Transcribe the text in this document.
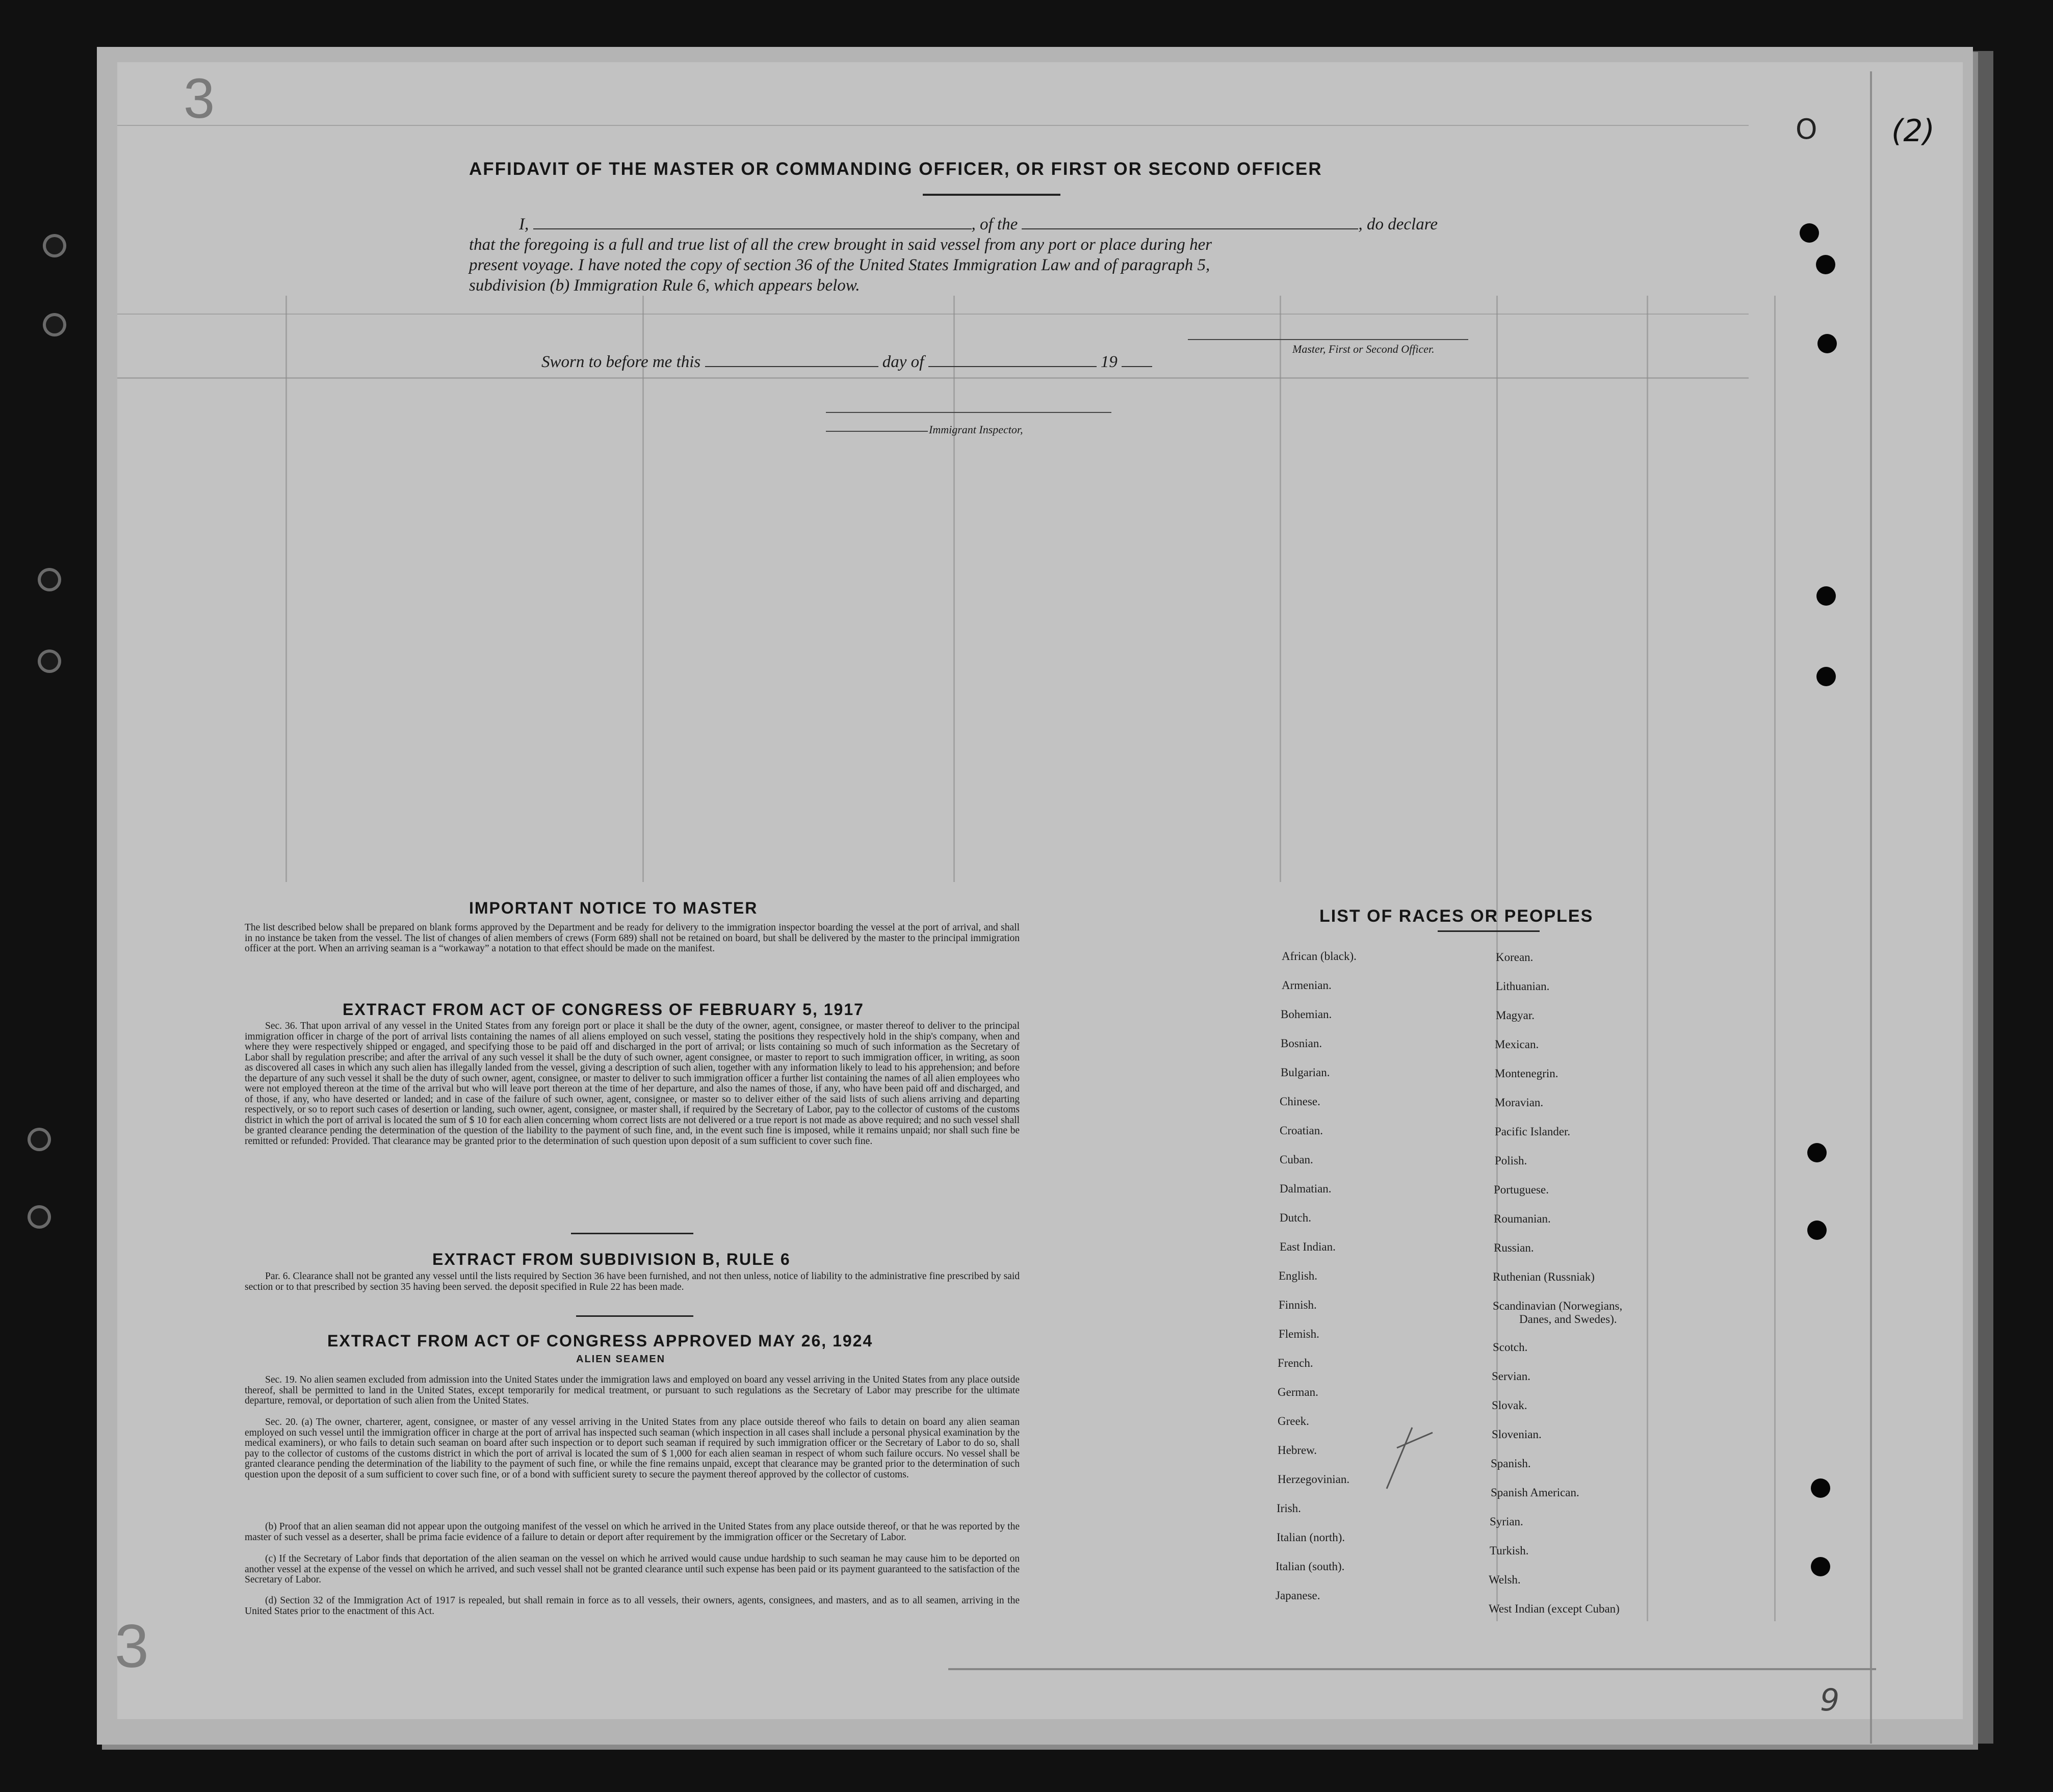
3
3
(2)
O
9
AFFIDAVIT OF THE MASTER OR COMMANDING OFFICER, OR FIRST OR SECOND OFFICER
I,	, of the	, do declare
that the foregoing is a full and true list of all the crew brought in said vessel from any port or place during her
present voyage. I have noted the copy of section 36 of the United States Immigration Law and of paragraph 5,
subdivision (b) Immigration Rule 6, which appears below.
Master, First or Second Officer.
Sworn to before me this	day of	19
Immigrant Inspector,
IMPORTANT NOTICE TO MASTER
The list described below shall be prepared on blank forms approved by the Department and be ready for delivery to the immigration inspector boarding the vessel at the port of arrival, and shall in no instance be taken from the vessel. The list of changes of alien members of crews (Form 689) shall not be retained on board, but shall be delivered by the master to the principal immigration officer at the port. When an arriving seaman is a “workaway” a notation to that effect should be made on the manifest.
EXTRACT FROM ACT OF CONGRESS OF FEBRUARY 5, 1917
Sec. 36. That upon arrival of any vessel in the United States from any foreign port or place it shall be the duty of the owner, agent, consignee, or master thereof to deliver to the principal immigration officer in charge of the port of arrival lists containing the names of all aliens employed on such vessel, stating the positions they respectively hold in the ship's company, when and where they were respectively shipped or engaged, and specifying those to be paid off and discharged in the port of arrival; or lists containing so much of such information as the Secretary of Labor shall by regulation prescribe; and after the arrival of any such vessel it shall be the duty of such owner, agent consignee, or master to report to such immigration officer, in writing, as soon as discovered all cases in which any such alien has illegally landed from the vessel, giving a description of such alien, together with any information likely to lead to his apprehension; and before the departure of any such vessel it shall be the duty of such owner, agent, consignee, or master to deliver to such immigration officer a further list containing the names of all alien employees who were not employed thereon at the time of the arrival but who will leave port thereon at the time of her departure, and also the names of those, if any, who have been paid off and discharged, and of those, if any, who have deserted or landed; and in case of the failure of such owner, agent, consignee, or master so to deliver either of the said lists of such aliens arriving and departing respectively, or so to report such cases of desertion or landing, such owner, agent, consignee, or master shall, if required by the Secretary of Labor, pay to the collector of customs of the customs district in which the port of arrival is located the sum of $ 10 for each alien concerning whom correct lists are not delivered or a true report is not made as above required; and no such vessel shall be granted clearance pending the determination of the question of the liability to the payment of such fine, and, in the event such fine is imposed, while it remains unpaid; nor shall such fine be remitted or refunded: Provided. That clearance may be granted prior to the determination of such question upon deposit of a sum sufficient to cover such fine.
EXTRACT FROM SUBDIVISION B, RULE 6
Par. 6. Clearance shall not be granted any vessel until the lists required by Section 36 have been furnished, and not then unless, notice of liability to the administrative fine prescribed by said section or to that prescribed by section 35 having been served. the deposit specified in Rule 22 has been made.
EXTRACT FROM ACT OF CONGRESS APPROVED MAY 26, 1924
ALIEN SEAMEN
Sec. 19. No alien seamen excluded from admission into the United States under the immigration laws and employed on board any vessel arriving in the United States from any place outside thereof, shall be permitted to land in the United States, except temporarily for medical treatment, or pursuant to such regulations as the Secretary of Labor may prescribe for the ultimate departure, removal, or deportation of such alien from the United States.
Sec. 20. (a) The owner, charterer, agent, consignee, or master of any vessel arriving in the United States from any place outside thereof who fails to detain on board any alien seaman employed on such vessel until the immigration officer in charge at the port of arrival has inspected such seaman (which inspection in all cases shall include a personal physical examination by the medical examiners), or who fails to detain such seaman on board after such inspection or to deport such seaman if required by such immigration officer or the Secretary of Labor to do so, shall pay to the collector of customs of the customs district in which the port of arrival is located the sum of $ 1,000 for each alien seaman in respect of whom such failure occurs. No vessel shall be granted clearance pending the determination of the liability to the payment of such fine, or while the fine remains unpaid, except that clearance may be granted prior to the determination of such question upon the deposit of a sum sufficient to cover such fine, or of a bond with sufficient surety to secure the payment thereof approved by the collector of customs.
(b) Proof that an alien seaman did not appear upon the outgoing manifest of the vessel on which he arrived in the United States from any place outside thereof, or that he was reported by the master of such vessel as a deserter, shall be prima facie evidence of a failure to detain or deport after requirement by the immigration officer or the Secretary of Labor.
(c) If the Secretary of Labor finds that deportation of the alien seaman on the vessel on which he arrived would cause undue hardship to such seaman he may cause him to be deported on another vessel at the expense of the vessel on which he arrived, and such vessel shall not be granted clearance until such expense has been paid or its payment guaranteed to the satisfaction of the Secretary of Labor.
(d) Section 32 of the Immigration Act of 1917 is repealed, but shall remain in force as to all vessels, their owners, agents, consignees, and masters, and as to all seamen, arriving in the United States prior to the enactment of this Act.
LIST OF RACES OR PEOPLES
African (black).
Armenian.
Bohemian.
Bosnian.
Bulgarian.
Chinese.
Croatian.
Cuban.
Dalmatian.
Dutch.
East Indian.
English.
Finnish.
Flemish.
French.
German.
Greek.
Hebrew.
Herzegovinian.
Irish.
Italian (north).
Italian (south).
Japanese.
Korean.
Lithuanian.
Magyar.
Mexican.
Montenegrin.
Moravian.
Pacific Islander.
Polish.
Portuguese.
Roumanian.
Russian.
Ruthenian (Russniak)
Scandinavian (Norwegians,
Danes, and Swedes).
Scotch.
Servian.
Slovak.
Slovenian.
Spanish.
Spanish American.
Syrian.
Turkish.
Welsh.
West Indian (except Cuban)
